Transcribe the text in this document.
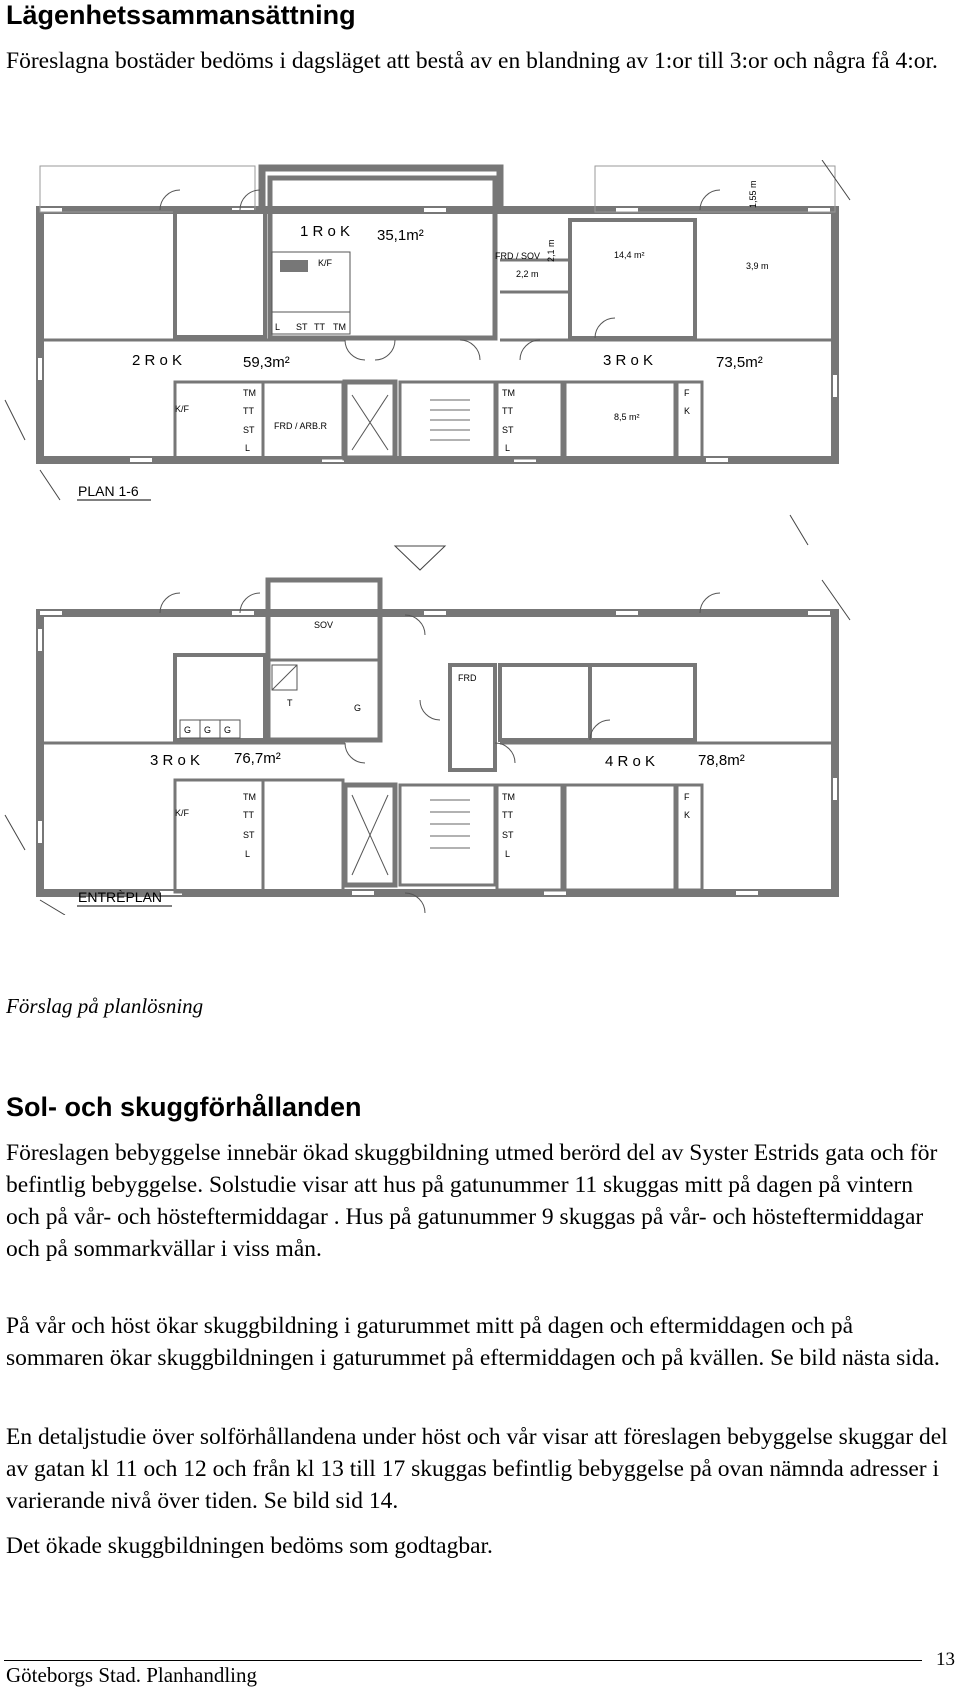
Lägenhetssammansättning

Föreslagna bostäder bedöms i dagsläget att bestå av en blandning av 1:or till 3:or och några få 4:or.

1 R o K 35,1m²
2 R o K	59,3m²	3 R o K	73,5m²
FRD / SOV
2,2 m
2,1 m
1,55 m
14,4 m²
3,9 m
8,5 m²
FRD / ARB.R
K/F
K/F
L ST TT TM
TM
TT
ST
L
TM
TT
ST
L
F
K
PLAN 1-6
SOV
FRD
T	G
G G G
3 R o K 76,7m²	4 R o K	78,8m²
K/F
TM
TT
ST
L
TM
TT
ST
L
F
K
ENTRÈPLAN

Förslag på planlösning

Sol- och skuggförhållanden

Föreslagen bebyggelse innebär ökad skuggbildning utmed berörd del av Syster Estrids gata och för befintlig bebyggelse. Solstudie visar att hus på gatunummer 11 skuggas mitt på dagen på vintern och på vår- och hösteftermiddagar . Hus på gatunummer 9 skuggas på vår- och hösteftermiddagar och på sommarkvällar i viss mån.

På vår och höst ökar skuggbildning i gaturummet mitt på dagen och eftermiddagen och på sommaren ökar skuggbildningen i gaturummet på eftermiddagen och på kvällen. Se bild nästa sida.

En detaljstudie över solförhållandena under höst och vår visar att föreslagen bebyggelse skuggar del av gatan kl 11 och 12 och från kl 13 till 17 skuggas befintlig bebyggelse på ovan nämnda adresser i varierande nivå över tiden. Se bild sid 14.

Det ökade skuggbildningen bedöms som godtagbar.

Göteborgs Stad. Planhandling
13
